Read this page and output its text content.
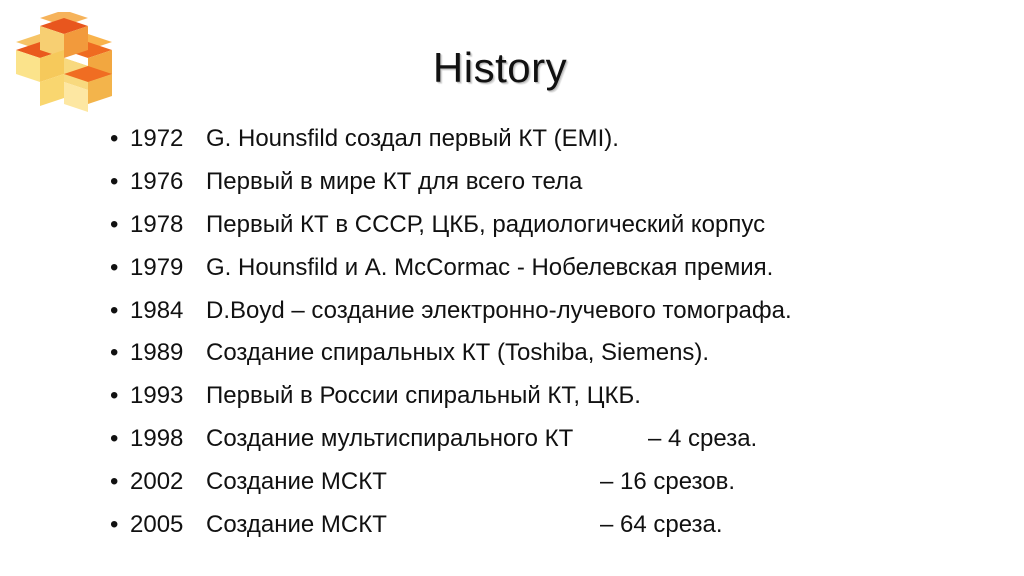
History
• 1972 G. Hounsfild создал первый КТ (EMI).
• 1976 Первый в мире КТ для всего тела
• 1978 Первый КТ в СССР, ЦКБ, радиологический корпус
• 1979 G. Hounsfild и А. McCormac - Нобелевская премия.
• 1984 D.Boyd – создание электронно-лучевого томографа.
• 1989 Создание спиральных КТ (Toshiba, Siemens).
• 1993 Первый в России спиральный КТ, ЦКБ.
• 1998 Создание мультиспирального КТ	– 4 среза.
• 2002 Создание МСКТ	– 16 срезов.
• 2005 Создание МСКТ	– 64 среза.
